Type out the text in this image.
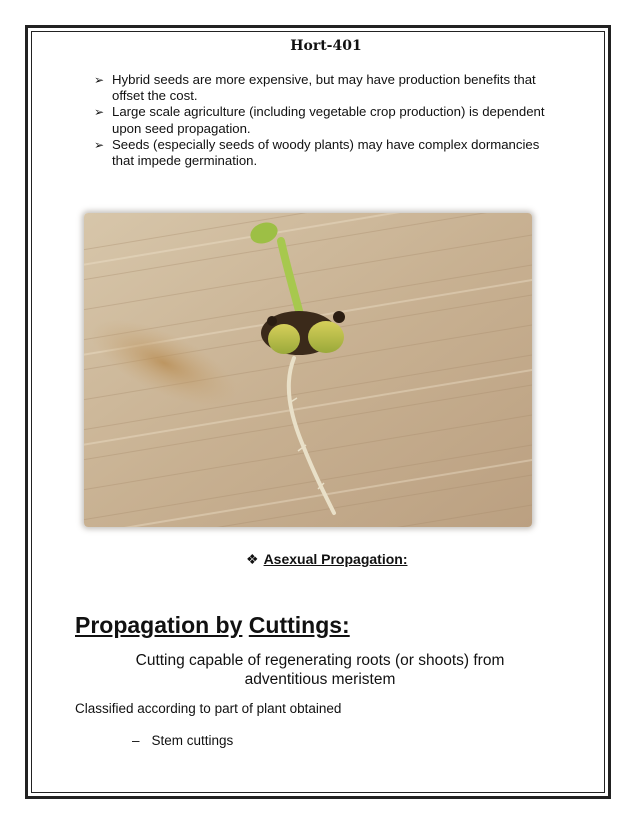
Hort-401
➢ Hybrid seeds are more expensive, but may have production benefits that offset the cost.
➢ Large scale agriculture (including vegetable crop production) is dependent upon seed propagation.
➢ Seeds (especially seeds of woody plants) may have complex dormancies that impede germination.
❖ Asexual Propagation:
Propagation by Cuttings:
Cutting capable of regenerating roots (or shoots) from adventitious meristem
Classified according to part of plant obtained
– Stem cuttings
